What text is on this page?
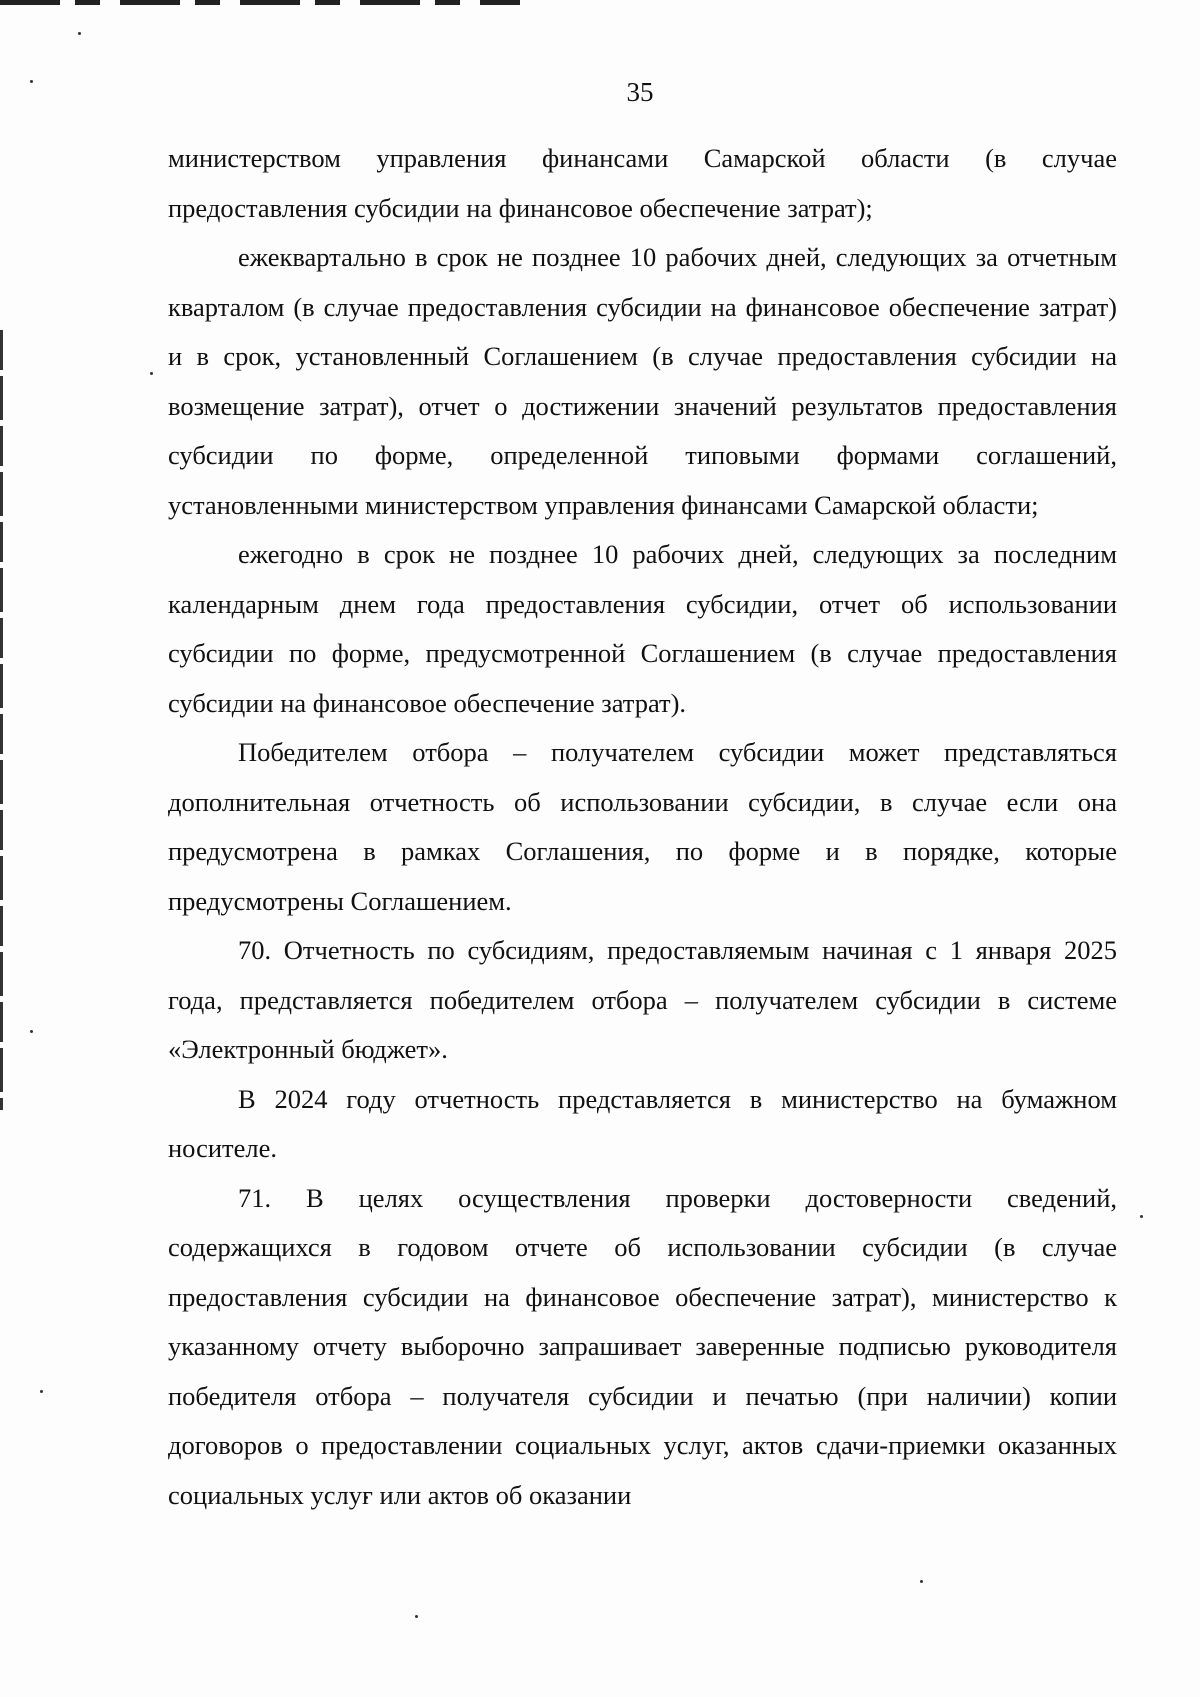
35

министерством управления финансами Самарской области (в случае предоставления субсидии на финансовое обеспечение затрат);

ежеквартально в срок не позднее 10 рабочих дней, следующих за отчетным кварталом (в случае предоставления субсидии на финансовое обеспечение затрат) и в срок, установленный Соглашением (в случае предоставления субсидии на возмещение затрат), отчет о достижении значений результатов предоставления субсидии по форме, определенной типовыми формами соглашений, установленными министерством управления финансами Самарской области;

ежегодно в срок не позднее 10 рабочих дней, следующих за последним календарным днем года предоставления субсидии, отчет об использовании субсидии по форме, предусмотренной Соглашением (в случае предоставления субсидии на финансовое обеспечение затрат).

Победителем отбора – получателем субсидии может представляться дополнительная отчетность об использовании субсидии, в случае если она предусмотрена в рамках Соглашения, по форме и в порядке, которые предусмотрены Соглашением.

70. Отчетность по субсидиям, предоставляемым начиная с 1 января 2025 года, представляется победителем отбора – получателем субсидии в системе «Электронный бюджет».

В 2024 году отчетность представляется в министерство на бумажном носителе.

71. В целях осуществления проверки достоверности сведений, содержащихся в годовом отчете об использовании субсидии (в случае предоставления субсидии на финансовое обеспечение затрат), министерство к указанному отчету выборочно запрашивает заверенные подписью руководителя победителя отбора – получателя субсидии и печатью (при наличии) копии договоров о предоставлении социальных услуг, актов сдачи-приемки оказанных социальных услуг или актов об оказании
